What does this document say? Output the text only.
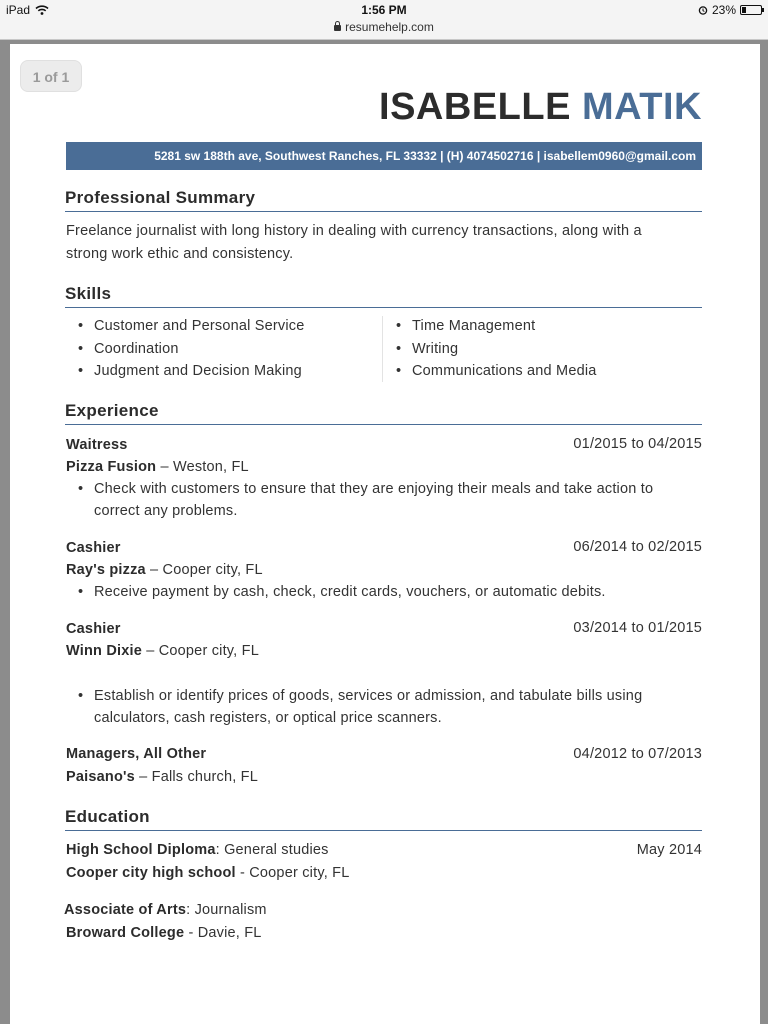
iPad	1:56 PM	23%
resumehelp.com
1 of 1
ISABELLE MATIK
5281 sw 188th ave, Southwest Ranches, FL 33332 | (H) 4074502716 | isabellem0960@gmail.com
Professional Summary
Freelance journalist with long history in dealing with currency transactions, along with a
strong work ethic and consistency.
Skills
• Customer and Personal Service
• Coordination
• Judgment and Decision Making
• Time Management
• Writing
• Communications and Media
Experience
Waitress	01/2015 to 04/2015
Pizza Fusion – Weston, FL
• Check with customers to ensure that they are enjoying their meals and take action to
correct any problems.
Cashier	06/2014 to 02/2015
Ray's pizza – Cooper city, FL
• Receive payment by cash, check, credit cards, vouchers, or automatic debits.
Cashier	03/2014 to 01/2015
Winn Dixie – Cooper city, FL
• Establish or identify prices of goods, services or admission, and tabulate bills using
calculators, cash registers, or optical price scanners.
Managers, All Other	04/2012 to 07/2013
Paisano's – Falls church, FL
Education
High School Diploma: General studies	May 2014
Cooper city high school - Cooper city, FL
Associate of Arts: Journalism
Broward College - Davie, FL
